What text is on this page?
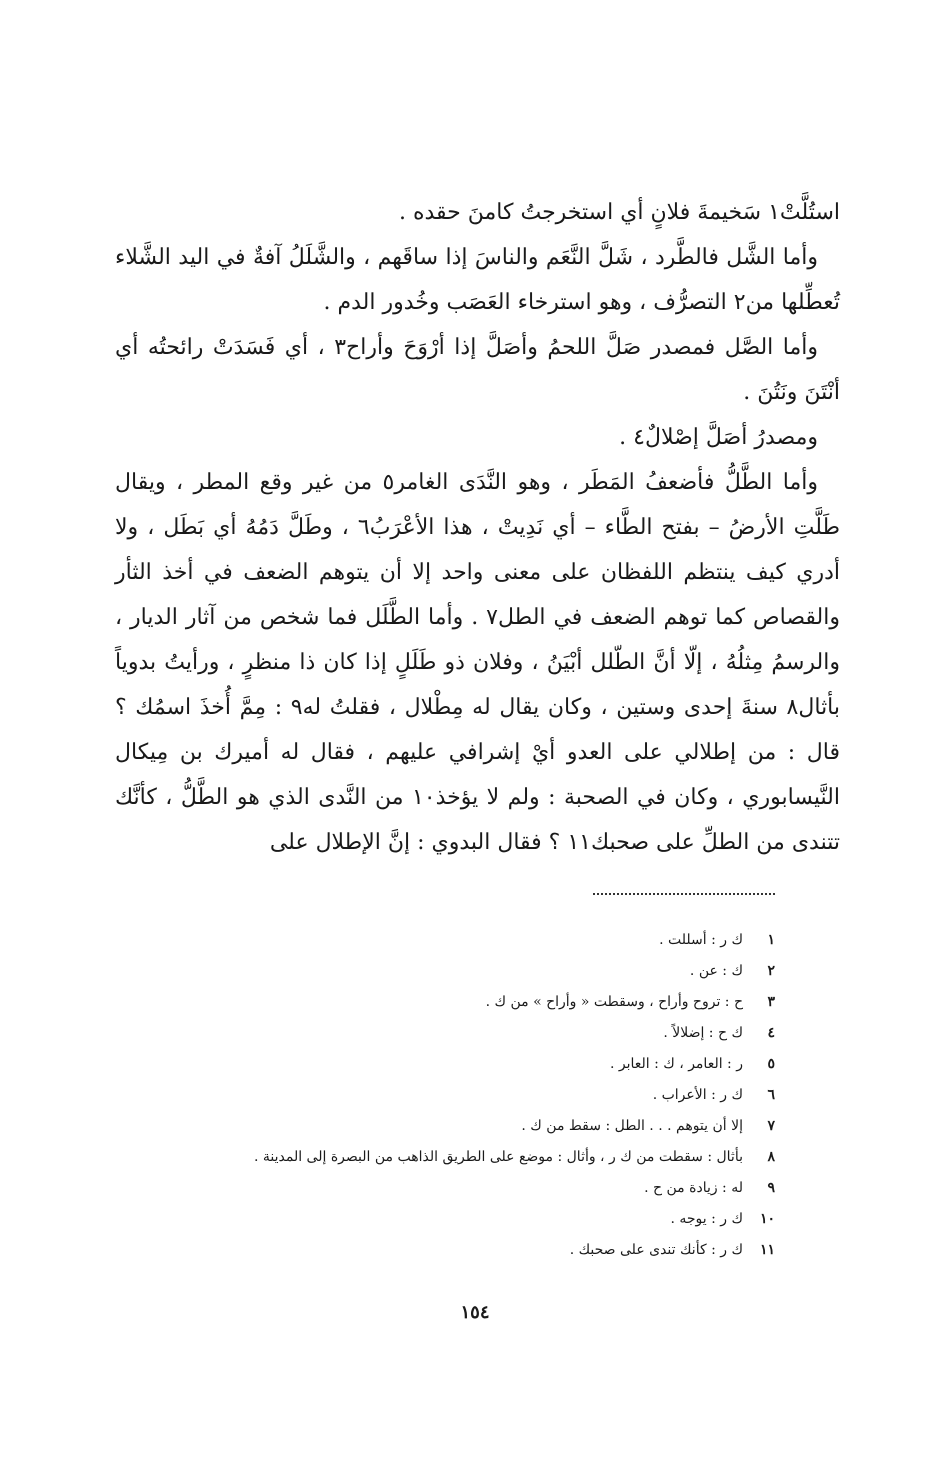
استُلَّتْ١ سَخيمةَ فلانٍ أي استخرجتُ كامنَ حقده .

وأما الشَّل فالطَّرد ، شَلَّ النَّعَم والناسَ إذا ساقَهم ، والشَّلَلُ آفةٌ في اليد الشَّلاء تُعطِّلها من٢ التصرُّف ، وهو استرخاء العَصَب وخُدور الدم .

وأما الصَّل فمصدر صَلَّ اللحمُ وأصَلَّ إذا أرْوَحَ وأراح٣ ، أي فَسَدَتْ رائحتُه أي أنْتَنَ ونَتُنَ .

ومصدرُ أصَلَّ إصْلالٌ٤ .

وأما الطَّلُّ فأضعفُ المَطَر ، وهو النَّدَى الغامر٥ من غير وقع المطر ، ويقال طَلَّتِ الأرضُ – بفتح الطَّاء – أي نَدِيتْ ، هذا الأعْرَبُ٦ ، وطَلَّ دَمُهُ أي بَطَل ، ولا أدري كيف ينتظم اللفظان على معنى واحد إلا أن يتوهم الضعف في أخذ الثأر والقصاص كما توهم الضعف في الطل٧ . وأما الطَّلَل فما شخص من آثار الديار ، والرسمُ مِثلُهُ ، إلّا أنَّ الطّلل أبْيَنُ ، وفلان ذو طَلَلٍ إذا كان ذا منظرٍ ، ورأيتُ بدوياً بأثال٨ سنةَ إحدى وستين ، وكان يقال له مِطْلال ، فقلتُ له٩ : مِمَّ أُخذَ اسمُك ؟ قال : من إطلالي على العدو أيْ إشرافي عليهم ، فقال له أميرك بن مِيكال النَّيسابوري ، وكان في الصحبة : ولم لا يؤخذ١٠ من النَّدى الذي هو الطَّلُّ ، كأنَّك تتندى من الطلِّ على صحبك١١ ؟ فقال البدوي : إنَّ الإطلال على

١
ك ر : أسللت .
٢
ك : عن .
٣
ح : تروح وأراح ، وسقطت « وأراح » من ك .
٤
ك ح : إضلالاً .
٥
ر : العامر ، ك : العابر .
٦
ك ر : الأعراب .
٧
إلا أن يتوهم . . . الطل : سقط من ك .
٨
بأثال : سقطت من ك ر ، وأثال : موضع على الطريق الذاهب من البصرة إلى المدينة .
٩
له : زيادة من ح .
١٠
ك ر : يوجه .
١١
ك ر : كأنك تندى على صحبك .
١٥٤
